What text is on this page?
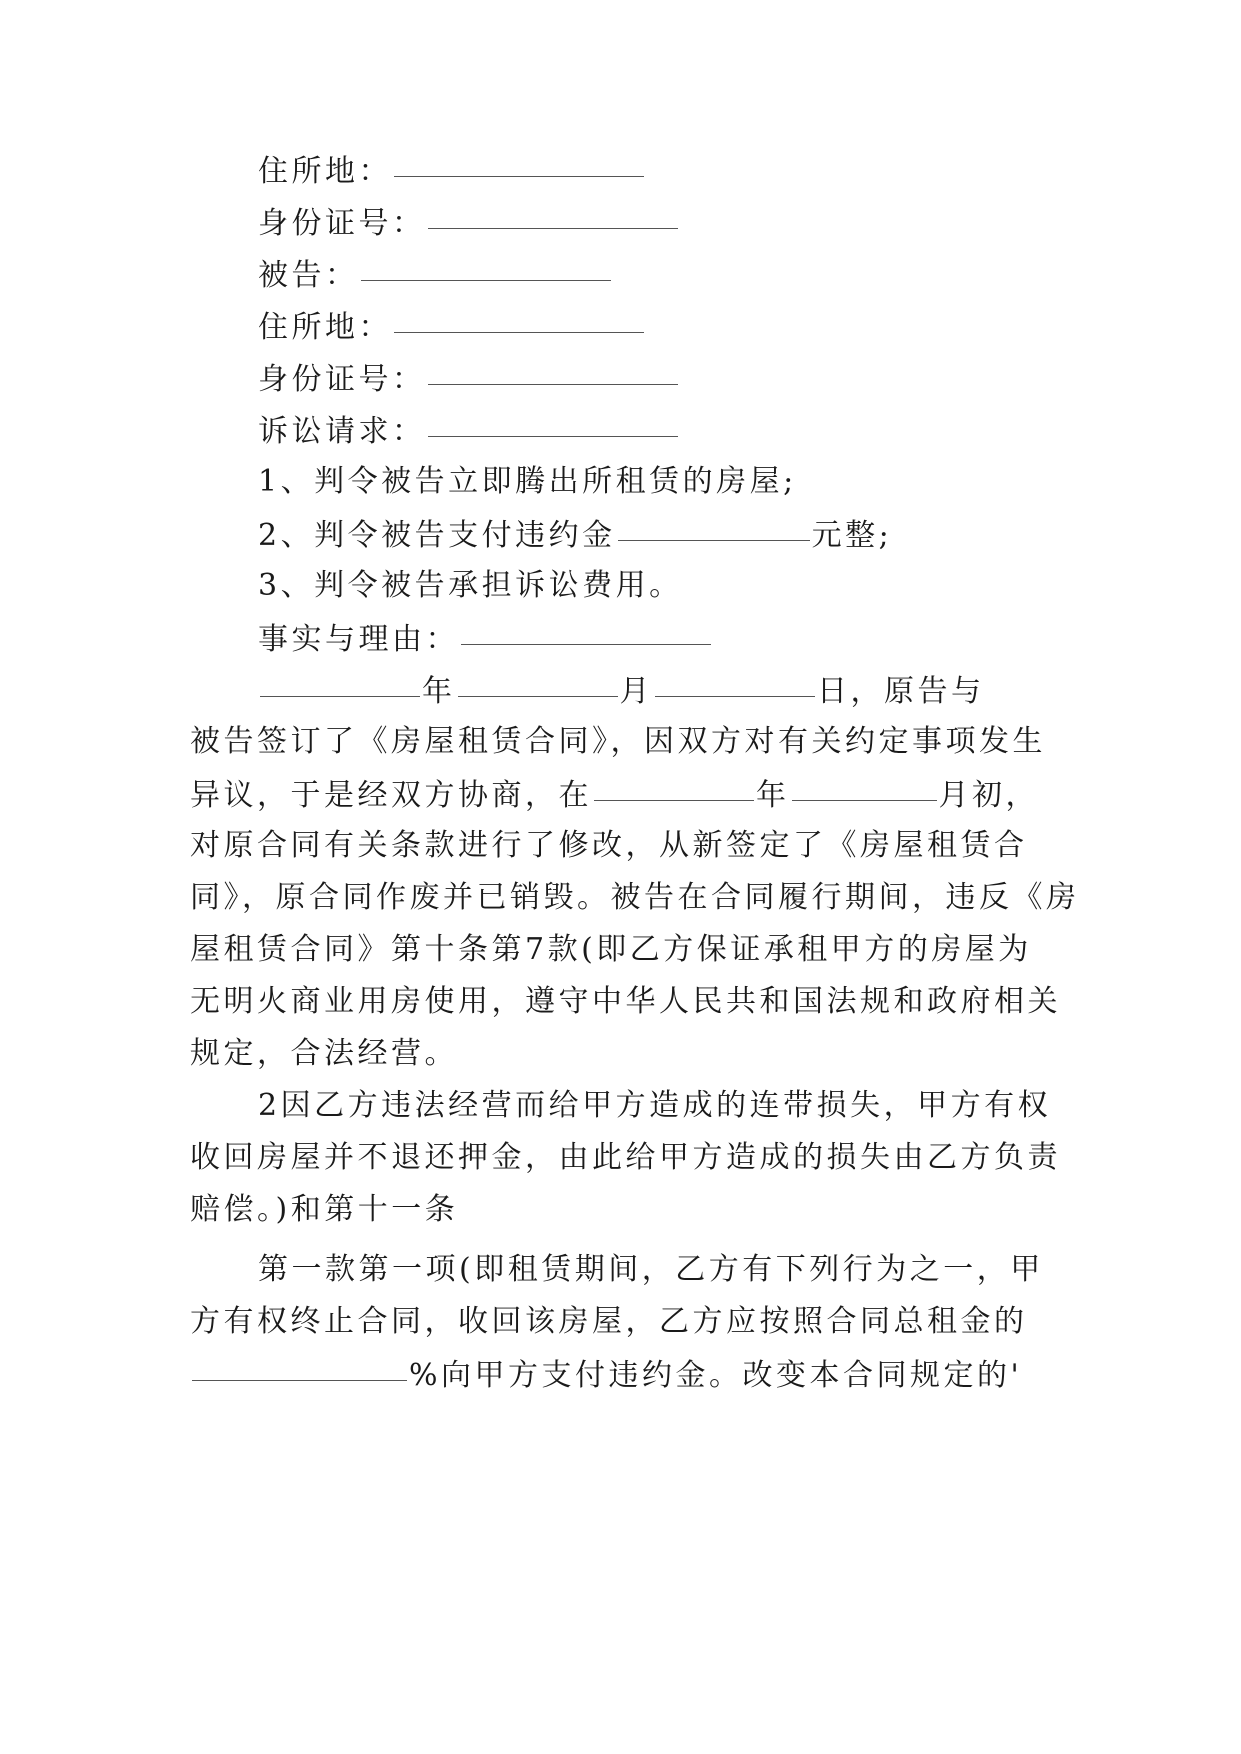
住所地：
身份证号：
被告：
住所地：
身份证号：
诉讼请求：
1、判令被告立即腾出所租赁的房屋;
2、判令被告支付违约金	元整;
3、判令被告承担诉讼费用。
事实与理由：
年	月	日，原告与
被告签订了《房屋租赁合同》，因双方对有关约定事项发生
异议，于是经双方协商，在	年	月初，
对原合同有关条款进行了修改，从新签定了《房屋租赁合
同》，原合同作废并已销毁。被告在合同履行期间，违反《房
屋租赁合同》第十条第7款(即乙方保证承租甲方的房屋为
无明火商业用房使用，遵守中华人民共和国法规和政府相关
规定，合法经营。
2因乙方违法经营而给甲方造成的连带损失，甲方有权
收回房屋并不退还押金，由此给甲方造成的损失由乙方负责
赔偿。)和第十一条
第一款第一项(即租赁期间，乙方有下列行为之一，甲
方有权终止合同，收回该房屋，乙方应按照合同总租金的
%向甲方支付违约金。改变本合同规定的'
